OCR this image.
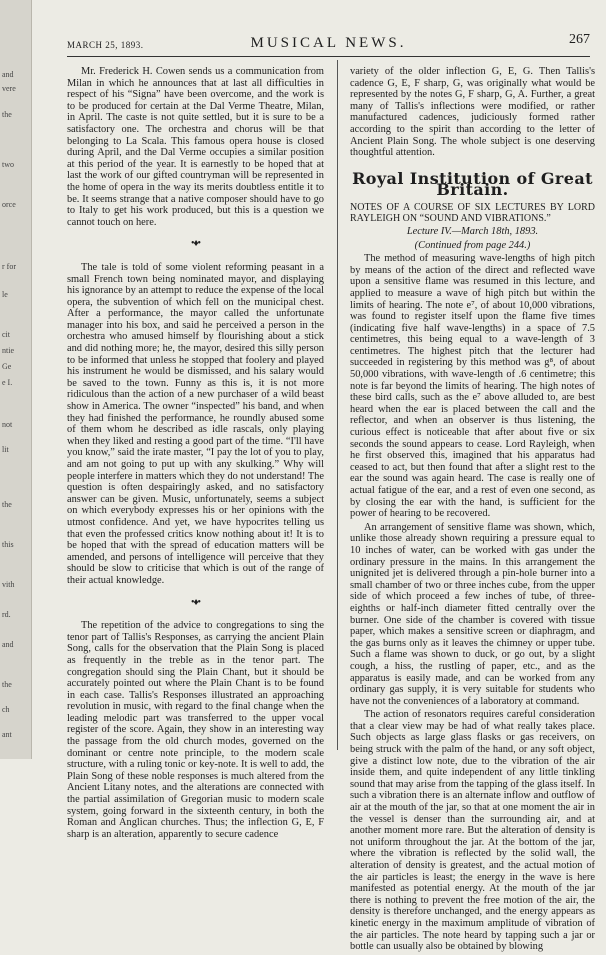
and
vere
the
two
orce
r for
le
cit
ntie
Ge
e I.
not
lit
the
this
vith
rd.
and
the
ch
ant
MARCH 25, 1893.	MUSICAL NEWS.	267

Mr. Frederick H. Cowen sends us a communication from Milan in which he announces that at last all difficulties in respect of his “Signa” have been overcome, and the work is to be produced for certain at the Dal Verme Theatre, Milan, in April. The caste is not quite settled, but it is sure to be a satisfactory one. The orchestra and chorus will be that belonging to La Scala. This famous opera house is closed during April, and the Dal Verme occupies a similar position at this period of the year. It is earnestly to be hoped that at last the work of our gifted countryman will be represented in the home of opera in the way its merits doubtless entitle it to be. It seems strange that a native composer should have to go to Italy to get his work produced, but this is a question we cannot touch on here.

•♦•

The tale is told of some violent reforming peasant in a small French town being nominated mayor, and displaying his ignorance by an attempt to reduce the expense of the local opera, the subvention of which fell on the municipal chest. After a performance, the mayor called the unfortunate manager into his box, and said he perceived a person in the orchestra who amused himself by flourishing about a stick and did nothing more; he, the mayor, desired this silly person to be informed that unless he stopped that foolery and played his instrument he would be dismissed, and his salary would be saved to the town. Funny as this is, it is not more ridiculous than the action of a new purchaser of a wild beast show in America. The owner “inspected” his band, and when they had finished the performance, he roundly abused some of them whom he described as idle rascals, only playing when they liked and resting a good part of the time. “I'll have you know,” said the irate master, “I pay the lot of you to play, and am not going to put up with any skulking.” Why will people interfere in matters which they do not understand! The question is often despairingly asked, and no satisfactory answer can be given. Music, unfortunately, seems a subject on which everybody expresses his or her opinions with the utmost confidence. And yet, we have hypocrites telling us that even the professed critics know nothing about it! It is to be hoped that with the spread of education matters will be amended, and persons of intelligence will perceive that they should be slow to criticise that which is out of the range of their actual knowledge.

•♦•

The repetition of the advice to congregations to sing the tenor part of Tallis's Responses, as carrying the ancient Plain Song, calls for the observation that the Plain Song is placed as frequently in the treble as in the tenor part. The congregation should sing the Plain Chant, but it should be accurately pointed out where the Plain Chant is to be found in each case. Tallis's Responses illustrated an approaching revolution in music, with regard to the final change when the leading melodic part was transferred to the upper vocal register of the score. Again, they show in an interesting way the passage from the old church modes, governed on the dominant or centre note principle, to the modern scale structure, with a ruling tonic or key-note. It is well to add, the Plain Song of these noble responses is much altered from the Ancient Litany notes, and the alterations are connected with the partial assimilation of Gregorian music to modern scale system, going forward in the sixteenth century, in both the Roman and Anglican churches. Thus; the inflection G, E, F sharp is an alteration, apparently to secure cadence

variety of the older inflection G, E, G. Then Tallis's cadence G, E, F sharp, G, was originally what would be represented by the notes G, F sharp, G, A. Further, a great many of Tallis's inflections were modified, or rather manufactured cadences, judiciously formed rather according to the spirit than according to the letter of Ancient Plain Song. The whole subject is one deserving thoughtful attention.

Royal Institution of Great Britain.

NOTES OF A COURSE OF SIX LECTURES BY LORD RAYLEIGH ON “SOUND AND VIBRATIONS.”

Lecture IV.—March 18th, 1893.

(Continued from page 244.)

The method of measuring wave-lengths of high pitch by means of the action of the direct and reflected wave upon a sensitive flame was resumed in this lecture, and applied to measure a wave of high pitch but within the limits of hearing. The note e⁷, of about 10,000 vibrations, was found to register itself upon the flame five times (indicating five half wave-lengths) in a space of 7.5 centimetres, this being equal to a wave-length of 3 centimetres. The highest pitch that the lecturer had succeeded in registering by this method was g⁸, of about 50,000 vibrations, with wave-length of .6 centimetre; this note is far beyond the limits of hearing. The high notes of these bird calls, such as the e⁷ above alluded to, are best heard when the ear is placed between the call and the reflector, and when an observer is thus listening, the curious effect is noticeable that after about five or six seconds the sound appears to cease. Lord Rayleigh, when he first observed this, imagined that his apparatus had ceased to act, but then found that after a slight rest to the ear the sound was again heard. The case is really one of actual fatigue of the ear, and a rest of even one second, as by closing the ear with the hand, is sufficient for the power of hearing to be recovered.

An arrangement of sensitive flame was shown, which, unlike those already shown requiring a pressure equal to 10 inches of water, can be worked with gas under the ordinary pressure in the mains. In this arrangement the unignited jet is delivered through a pin-hole burner into a small chamber of two or three inches cube, from the upper side of which proceed a few inches of tube, of three-eighths or half-inch diameter fitted centrally over the burner. One side of the chamber is covered with tissue paper, which makes a sensitive screen or diaphragm, and the gas burns only as it leaves the chimney or upper tube. Such a flame was shown to duck, or go out, by a slight cough, a hiss, the rustling of paper, etc., and as the apparatus is easily made, and can be worked from any ordinary gas supply, it is very suitable for students who have not the conveniences of a laboratory at command.

The action of resonators requires careful consideration that a clear view may be had of what really takes place. Such objects as large glass flasks or gas receivers, on being struck with the palm of the hand, or any soft object, give a distinct low note, due to the vibration of the air inside them, and quite independent of any little tinkling sound that may arise from the tapping of the glass itself. In such a vibration there is an alternate inflow and outflow of air at the mouth of the jar, so that at one moment the air in the vessel is denser than the surrounding air, and at another moment more rare. But the alteration of density is not uniform throughout the jar. At the bottom of the jar, where the vibration is reflected by the solid wall, the alteration of density is greatest, and the actual motion of the air particles is least; the energy in the wave is here manifested as potential energy. At the mouth of the jar there is nothing to prevent the free motion of the air, the density is therefore unchanged, and the energy appears as kinetic energy in the maximum amplitude of vibration of the air particles. The note heard by tapping such a jar or bottle can usually also be obtained by blowing
